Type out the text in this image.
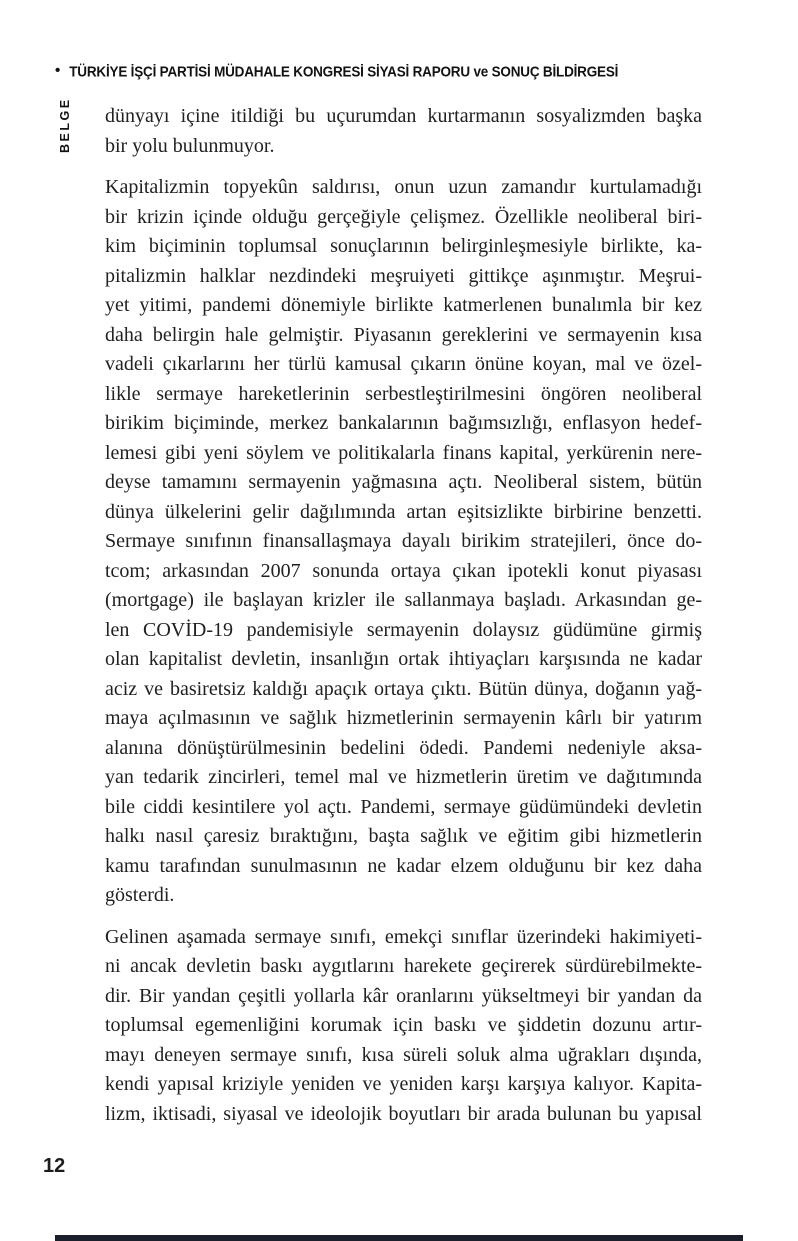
• TÜRKİYE İŞÇİ PARTİSİ MÜDAHALE KONGRESİ SİYASİ RAPORU ve SONUÇ BİLDİRGESİ
BELGE dünyayı içine itildiği bu uçurumdan kurtarmanın sosyalizmden başka
bir yolu bulunmuyor.
Kapitalizmin topyekûn saldırısı, onun uzun zamandır kurtulamadığı
bir krizin içinde olduğu gerçeğiyle çelişmez. Özellikle neoliberal biri-
kim biçiminin toplumsal sonuçlarının belirginleşmesiyle birlikte, ka-
pitalizmin halklar nezdindeki meşruiyeti gittikçe aşınmıştır. Meşrui-
yet yitimi, pandemi dönemiyle birlikte katmerlenen bunalımla bir kez
daha belirgin hale gelmiştir. Piyasanın gereklerini ve sermayenin kısa
vadeli çıkarlarını her türlü kamusal çıkarın önüne koyan, mal ve özel-
likle sermaye hareketlerinin serbestleştirilmesini öngören neoliberal
birikim biçiminde, merkez bankalarının bağımsızlığı, enflasyon hedef-
lemesi gibi yeni söylem ve politikalarla finans kapital, yerkürenin nere-
deyse tamamını sermayenin yağmasına açtı. Neoliberal sistem, bütün
dünya ülkelerini gelir dağılımında artan eşitsizlikte birbirine benzetti.
Sermaye sınıfının finansallaşmaya dayalı birikim stratejileri, önce do-
tcom; arkasından 2007 sonunda ortaya çıkan ipotekli konut piyasası
(mortgage) ile başlayan krizler ile sallanmaya başladı. Arkasından ge-
len COVİD-19 pandemisiyle sermayenin dolaysız güdümüne girmiş
olan kapitalist devletin, insanlığın ortak ihtiyaçları karşısında ne kadar
aciz ve basiretsiz kaldığı apaçık ortaya çıktı. Bütün dünya, doğanın yağ-
maya açılmasının ve sağlık hizmetlerinin sermayenin kârlı bir yatırım
alanına dönüştürülmesinin bedelini ödedi. Pandemi nedeniyle aksa-
yan tedarik zincirleri, temel mal ve hizmetlerin üretim ve dağıtımında
bile ciddi kesintilere yol açtı. Pandemi, sermaye güdümündeki devletin
halkı nasıl çaresiz bıraktığını, başta sağlık ve eğitim gibi hizmetlerin
kamu tarafından sunulmasının ne kadar elzem olduğunu bir kez daha
gösterdi.
Gelinen aşamada sermaye sınıfı, emekçi sınıflar üzerindeki hakimiyeti-
ni ancak devletin baskı aygıtlarını harekete geçirerek sürdürebilmekte-
dir. Bir yandan çeşitli yollarla kâr oranlarını yükseltmeyi bir yandan da
toplumsal egemenliğini korumak için baskı ve şiddetin dozunu artır-
mayı deneyen sermaye sınıfı, kısa süreli soluk alma uğrakları dışında,
kendi yapısal kriziyle yeniden ve yeniden karşı karşıya kalıyor. Kapita-
lizm, iktisadi, siyasal ve ideolojik boyutları bir arada bulunan bu yapısal
12
